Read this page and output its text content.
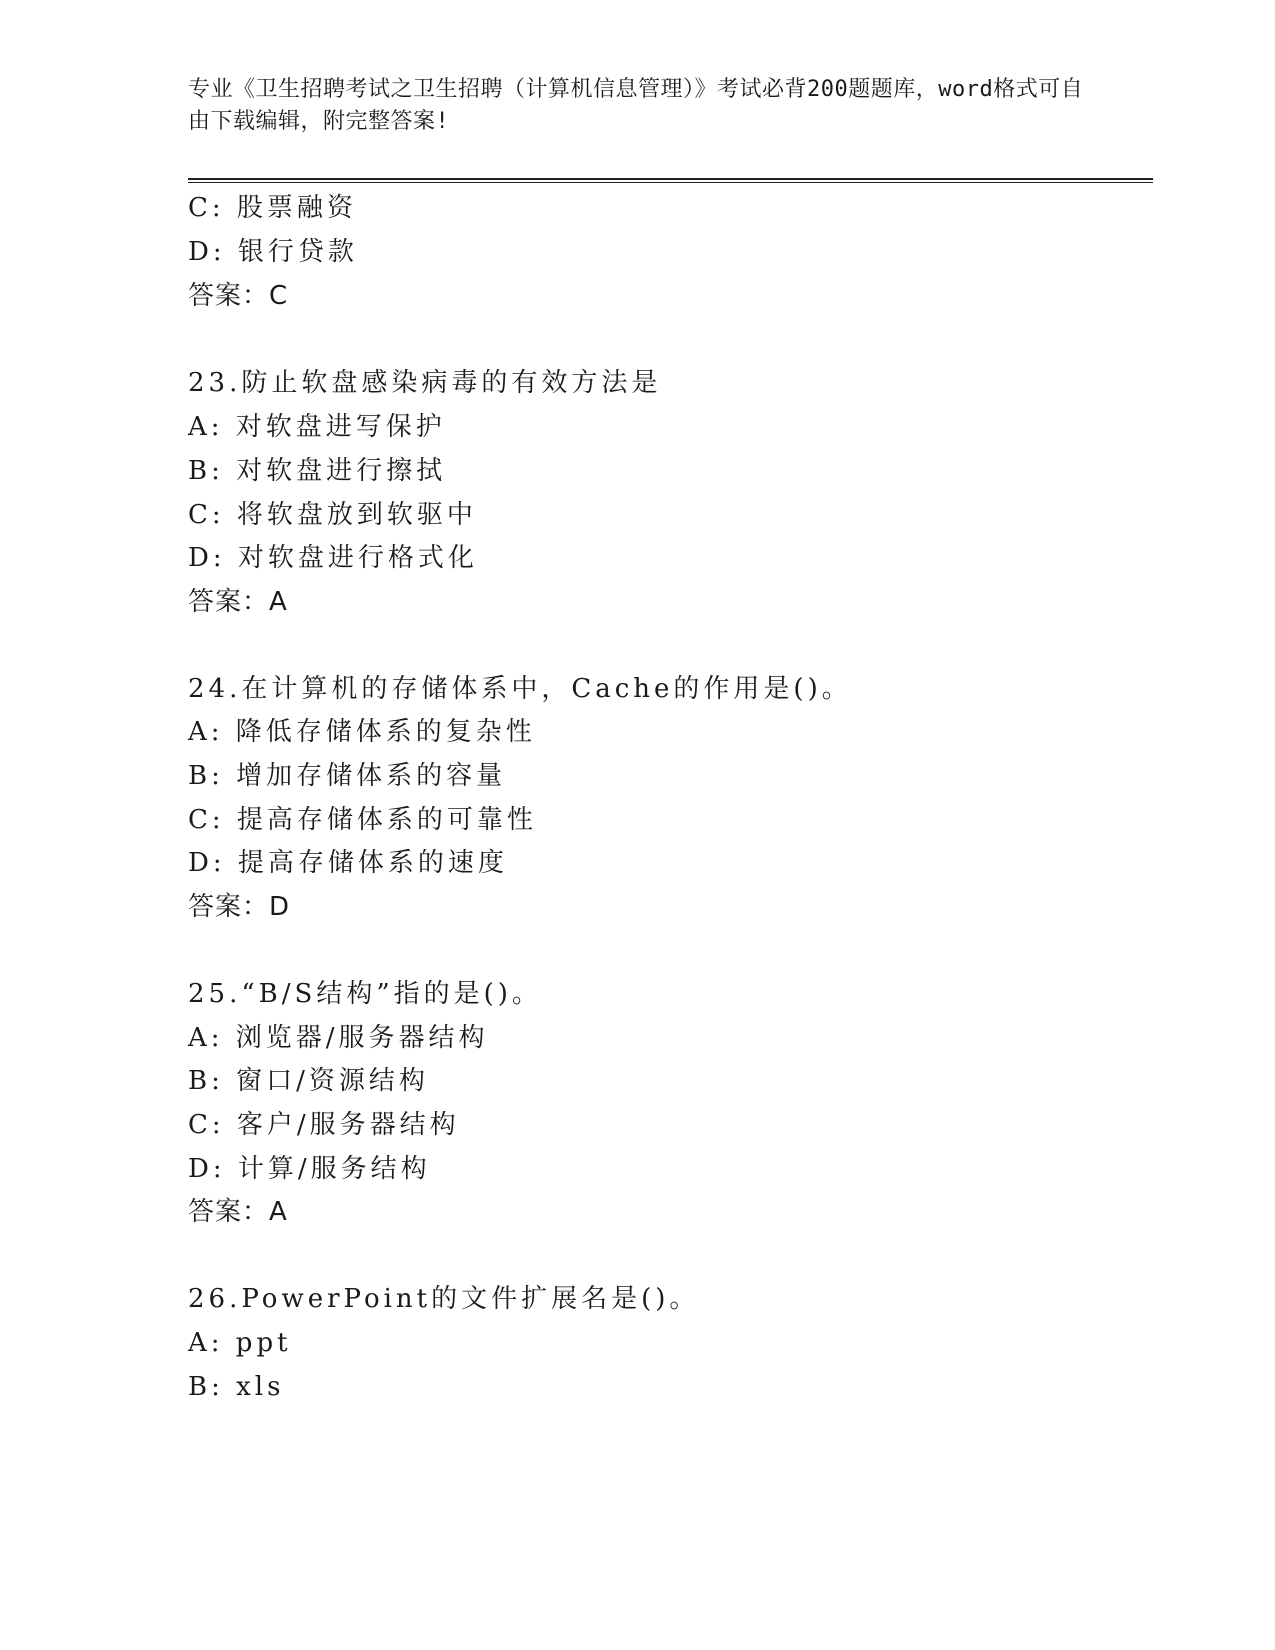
专业《卫生招聘考试之卫生招聘（计算机信息管理）》考试必背200题题库，word格式可自由下载编辑，附完整答案!
C: 股票融资
D: 银行贷款
答案：C
23.防止软盘感染病毒的有效方法是
A: 对软盘进写保护
B: 对软盘进行擦拭
C: 将软盘放到软驱中
D: 对软盘进行格式化
答案：A
24.在计算机的存储体系中，Cache的作用是()。
A: 降低存储体系的复杂性
B: 增加存储体系的容量
C: 提高存储体系的可靠性
D: 提高存储体系的速度
答案：D
25.“B/S结构”指的是()。
A: 浏览器/服务器结构
B: 窗口/资源结构
C: 客户/服务器结构
D: 计算/服务结构
答案：A
26.PowerPoint的文件扩展名是()。
A: ppt
B: xls
